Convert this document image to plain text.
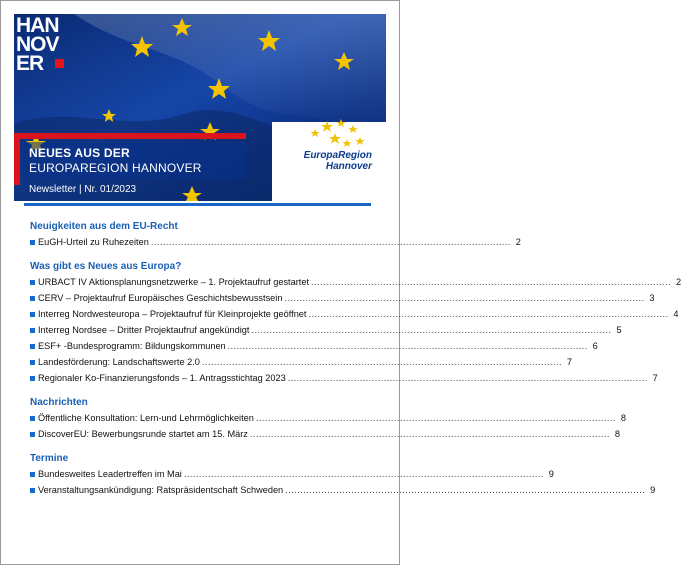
HAN
NOV
ER
EuropaRegion
Hannover
NEUES AUS DER
EUROPAREGION HANNOVER
Newsletter | Nr. 01/2023
Neuigkeiten aus dem EU-Recht
EuGH-Urteil zu Ruhezeiten ........................................................................................................................ 2
Was gibt es Neues aus Europa?
URBACT IV Aktionsplanungsnetzwerke – 1. Projektaufruf gestartet ........................................................................................................................ 2
CERV – Projektaufruf Europäisches Geschichtsbewusstsein ........................................................................................................................ 3
Interreg Nordwesteuropa – Projektaufruf für Kleinprojekte geöffnet ........................................................................................................................ 4
Interreg Nordsee – Dritter Projektaufruf angekündigt ........................................................................................................................ 5
ESF+ -Bundesprogramm: Bildungskommunen ........................................................................................................................ 6
Landesförderung: Landschaftswerte 2.0 ........................................................................................................................ 7
Regionaler Ko-Finanzierungsfonds – 1. Antragsstichtag 2023 ........................................................................................................................ 7
Nachrichten
Öffentliche Konsultation: Lern-und Lehrmöglichkeiten ........................................................................................................................ 8
DiscoverEU: Bewerbungsrunde startet am 15. März ........................................................................................................................ 8
Termine
Bundesweites Leadertreffen im Mai ........................................................................................................................ 9
Veranstaltungsankündigung: Ratspräsidentschaft Schweden ........................................................................................................................ 9
